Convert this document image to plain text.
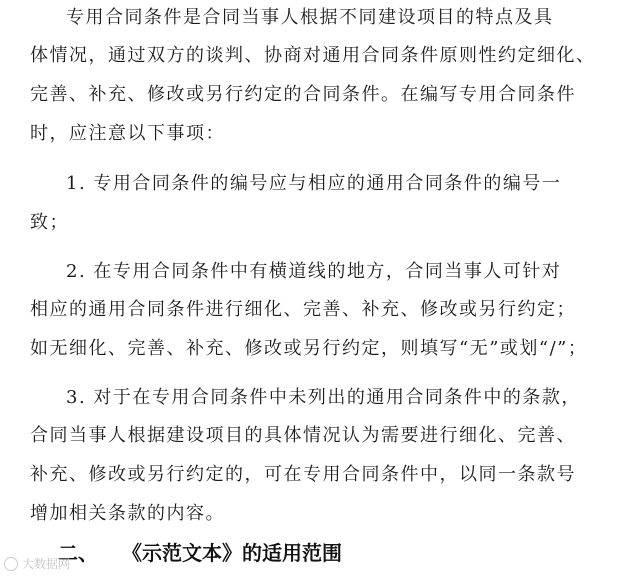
专用合同条件是合同当事人根据不同建设项目的特点及具
体情况，通过双方的谈判、协商对通用合同条件原则性约定细化、
完善、补充、修改或另行约定的合同条件。在编写专用合同条件
时，应注意以下事项：
1. 专用合同条件的编号应与相应的通用合同条件的编号一
致；
2. 在专用合同条件中有横道线的地方，合同当事人可针对
相应的通用合同条件进行细化、完善、补充、修改或另行约定；
如无细化、完善、补充、修改或另行约定，则填写“无”或划“/”；
3. 对于在专用合同条件中未列出的通用合同条件中的条款，
合同当事人根据建设项目的具体情况认为需要进行细化、完善、
补充、修改或另行约定的，可在专用合同条件中，以同一条款号
增加相关条款的内容。
二、 《示范文本》的适用范围
大数据网
